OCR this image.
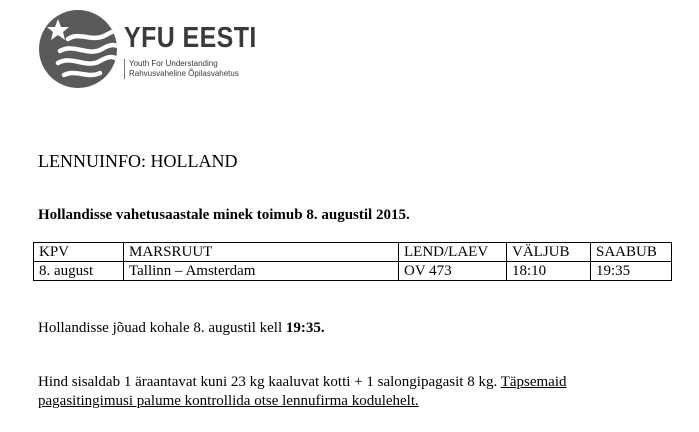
YFU EESTI
Youth For Understanding
Rahvusvaheline Õpilasvahetus
LENNUINFO: HOLLAND
Hollandisse vahetusaastale minek toimub 8. augustil 2015.
KPV	MARSRUUT	LEND/LAEV	VÄLJUB	SAABUB
8. august	Tallinn – Amsterdam	OV 473	18:10	19:35
Hollandisse jõuad kohale 8. augustil kell 19:35.
Hind sisaldab 1 äraantavat kuni 23 kg kaaluvat kotti + 1 salongipagasit 8 kg. Täpsemaid pagasitingimusi palume kontrollida otse lennufirma kodulehelt.
